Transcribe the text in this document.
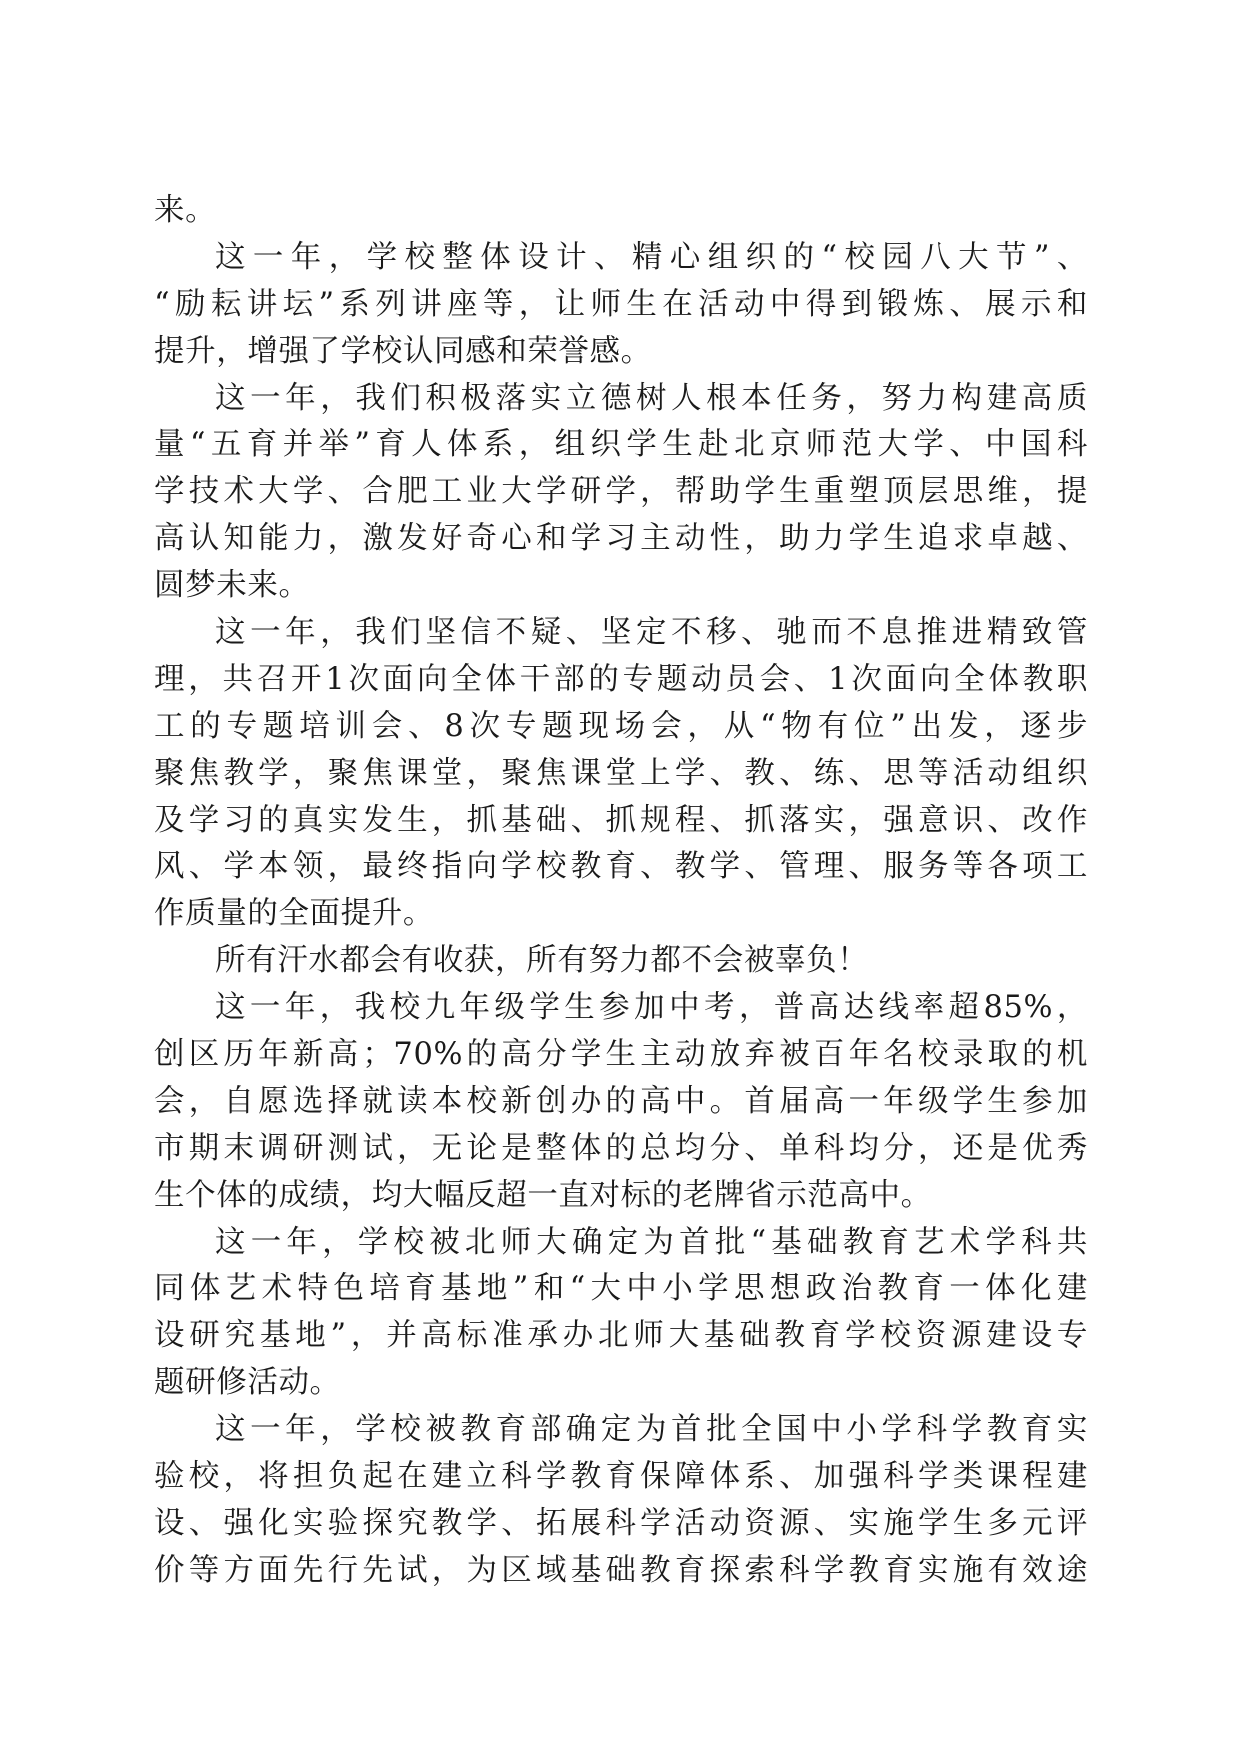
来。
这一年，学校整体设计、精心组织的“校园八大节”、
“励耘讲坛”系列讲座等，让师生在活动中得到锻炼、展示和
提升，增强了学校认同感和荣誉感。
这一年，我们积极落实立德树人根本任务，努力构建高质
量“五育并举”育人体系，组织学生赴北京师范大学、中国科
学技术大学、合肥工业大学研学，帮助学生重塑顶层思维，提
高认知能力，激发好奇心和学习主动性，助力学生追求卓越、
圆梦未来。
这一年，我们坚信不疑、坚定不移、驰而不息推进精致管
理，共召开1次面向全体干部的专题动员会、1次面向全体教职
工的专题培训会、8次专题现场会，从“物有位”出发，逐步
聚焦教学，聚焦课堂，聚焦课堂上学、教、练、思等活动组织
及学习的真实发生，抓基础、抓规程、抓落实，强意识、改作
风、学本领，最终指向学校教育、教学、管理、服务等各项工
作质量的全面提升。
所有汗水都会有收获，所有努力都不会被辜负！
这一年，我校九年级学生参加中考，普高达线率超85%，
创区历年新高；70%的高分学生主动放弃被百年名校录取的机
会，自愿选择就读本校新创办的高中。首届高一年级学生参加
市期末调研测试，无论是整体的总均分、单科均分，还是优秀
生个体的成绩，均大幅反超一直对标的老牌省示范高中。
这一年，学校被北师大确定为首批“基础教育艺术学科共
同体艺术特色培育基地”和“大中小学思想政治教育一体化建
设研究基地”，并高标准承办北师大基础教育学校资源建设专
题研修活动。
这一年，学校被教育部确定为首批全国中小学科学教育实
验校，将担负起在建立科学教育保障体系、加强科学类课程建
设、强化实验探究教学、拓展科学活动资源、实施学生多元评
价等方面先行先试，为区域基础教育探索科学教育实施有效途
